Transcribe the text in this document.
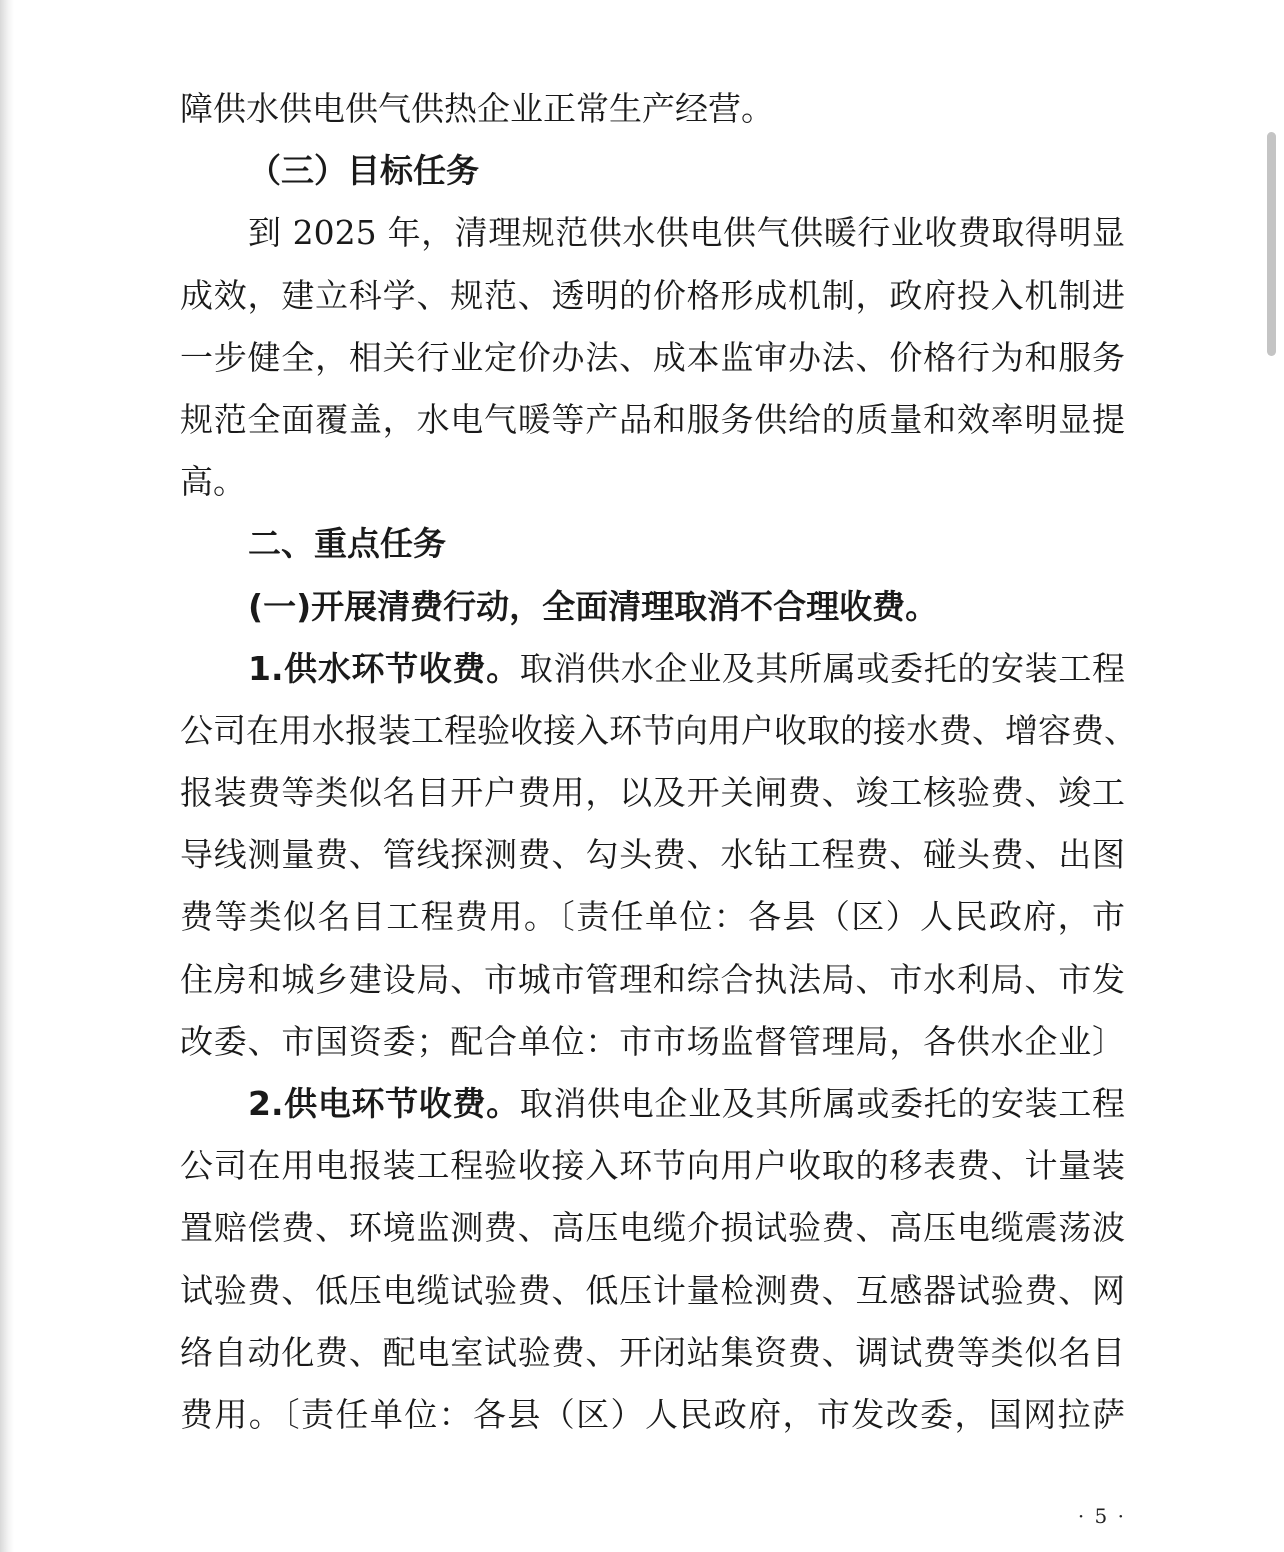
障供水供电供气供热企业正常生产经营。
（三）目标任务
到 2025 年，清理规范供水供电供气供暖行业收费取得明显
成效，建立科学、规范、透明的价格形成机制，政府投入机制进
一步健全，相关行业定价办法、成本监审办法、价格行为和服务
规范全面覆盖，水电气暖等产品和服务供给的质量和效率明显提
高。
二、重点任务
(一)开展清费行动，全面清理取消不合理收费。
1.供水环节收费。取消供水企业及其所属或委托的安装工程
公司在用水报装工程验收接入环节向用户收取的接水费、增容费、
报装费等类似名目开户费用，以及开关闸费、竣工核验费、竣工
导线测量费、管线探测费、勾头费、水钻工程费、碰头费、出图
费等类似名目工程费用。〔责任单位：各县（区）人民政府，市
住房和城乡建设局、市城市管理和综合执法局、市水利局、市发
改委、市国资委；配合单位：市市场监督管理局，各供水企业〕
2.供电环节收费。取消供电企业及其所属或委托的安装工程
公司在用电报装工程验收接入环节向用户收取的移表费、计量装
置赔偿费、环境监测费、高压电缆介损试验费、高压电缆震荡波
试验费、低压电缆试验费、低压计量检测费、互感器试验费、网
络自动化费、配电室试验费、开闭站集资费、调试费等类似名目
费用。〔责任单位：各县（区）人民政府，市发改委，国网拉萨
· 5 ·
